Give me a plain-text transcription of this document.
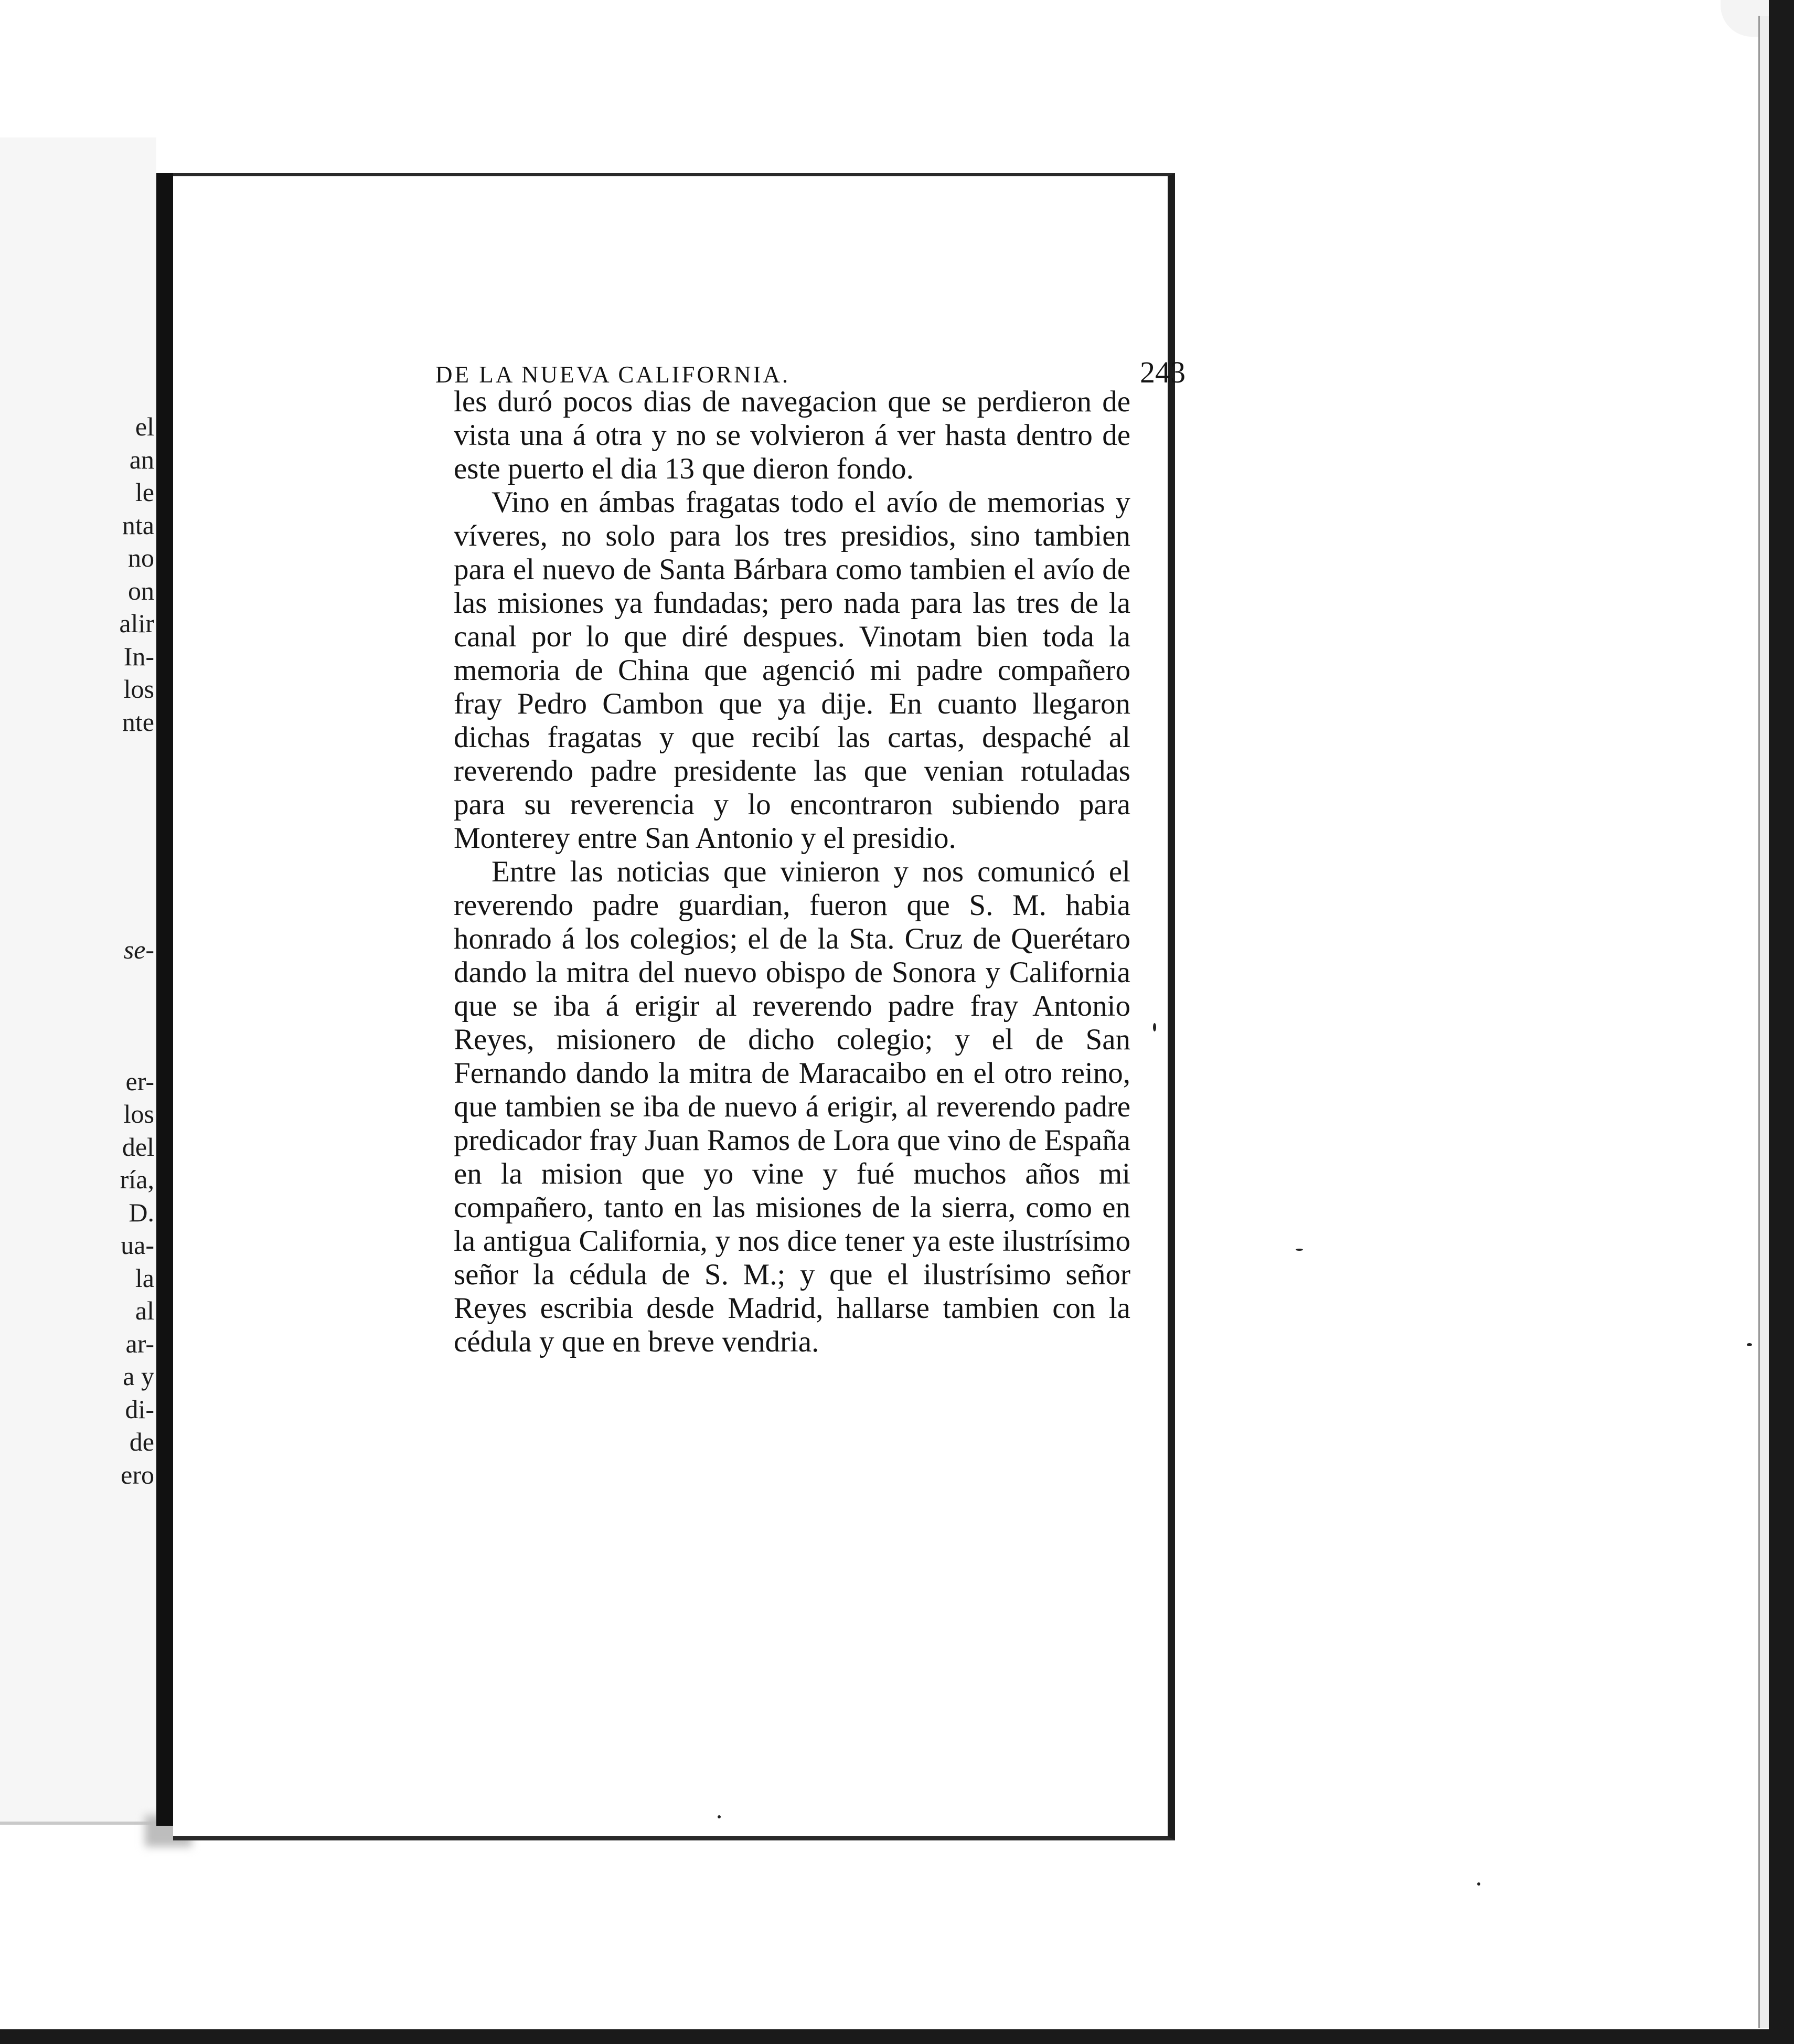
el
an
le
nta
no
on
alir
In-
los
nte
se-
er-
los
del
ría,
D.
ua-
la
al
ar-
a y
di-
de
ero
DE LA NUEVA CALIFORNIA.	243

les duró pocos dias de navegacion que se perdieron de vista una á otra y no se volvieron á ver hasta dentro de este puerto el dia 13 que dieron fondo.

Vino en ámbas fragatas todo el avío de memorias y víveres, no solo para los tres presidios, sino tambien para el nuevo de Santa Bárbara como tambien el avío de las misiones ya fundadas; pero nada para las tres de la canal por lo que diré despues. Vinotam bien toda la memoria de China que agenció mi padre compañero fray Pedro Cambon que ya dije. En cuanto llegaron dichas fragatas y que recibí las cartas, despaché al reverendo padre presidente las que venian rotuladas para su reverencia y lo encontraron subiendo para Monterey entre San Antonio y el presidio.

Entre las noticias que vinieron y nos comunicó el reverendo padre guardian, fueron que S. M. habia honrado á los colegios; el de la Sta. Cruz de Querétaro dando la mitra del nuevo obispo de Sonora y California que se iba á erigir al reverendo padre fray Antonio Reyes, misionero de dicho colegio; y el de San Fernando dando la mitra de Maracaibo en el otro reino, que tambien se iba de nuevo á erigir, al reverendo padre predicador fray Juan Ramos de Lora que vino de España en la mision que yo vine y fué muchos años mi compañero, tanto en las misiones de la sierra, como en la antigua California, y nos dice tener ya este ilustrísimo señor la cédula de S. M.; y que el ilustrísimo señor Reyes escribia desde Madrid, hallarse tambien con la cédula y que en breve vendria.
